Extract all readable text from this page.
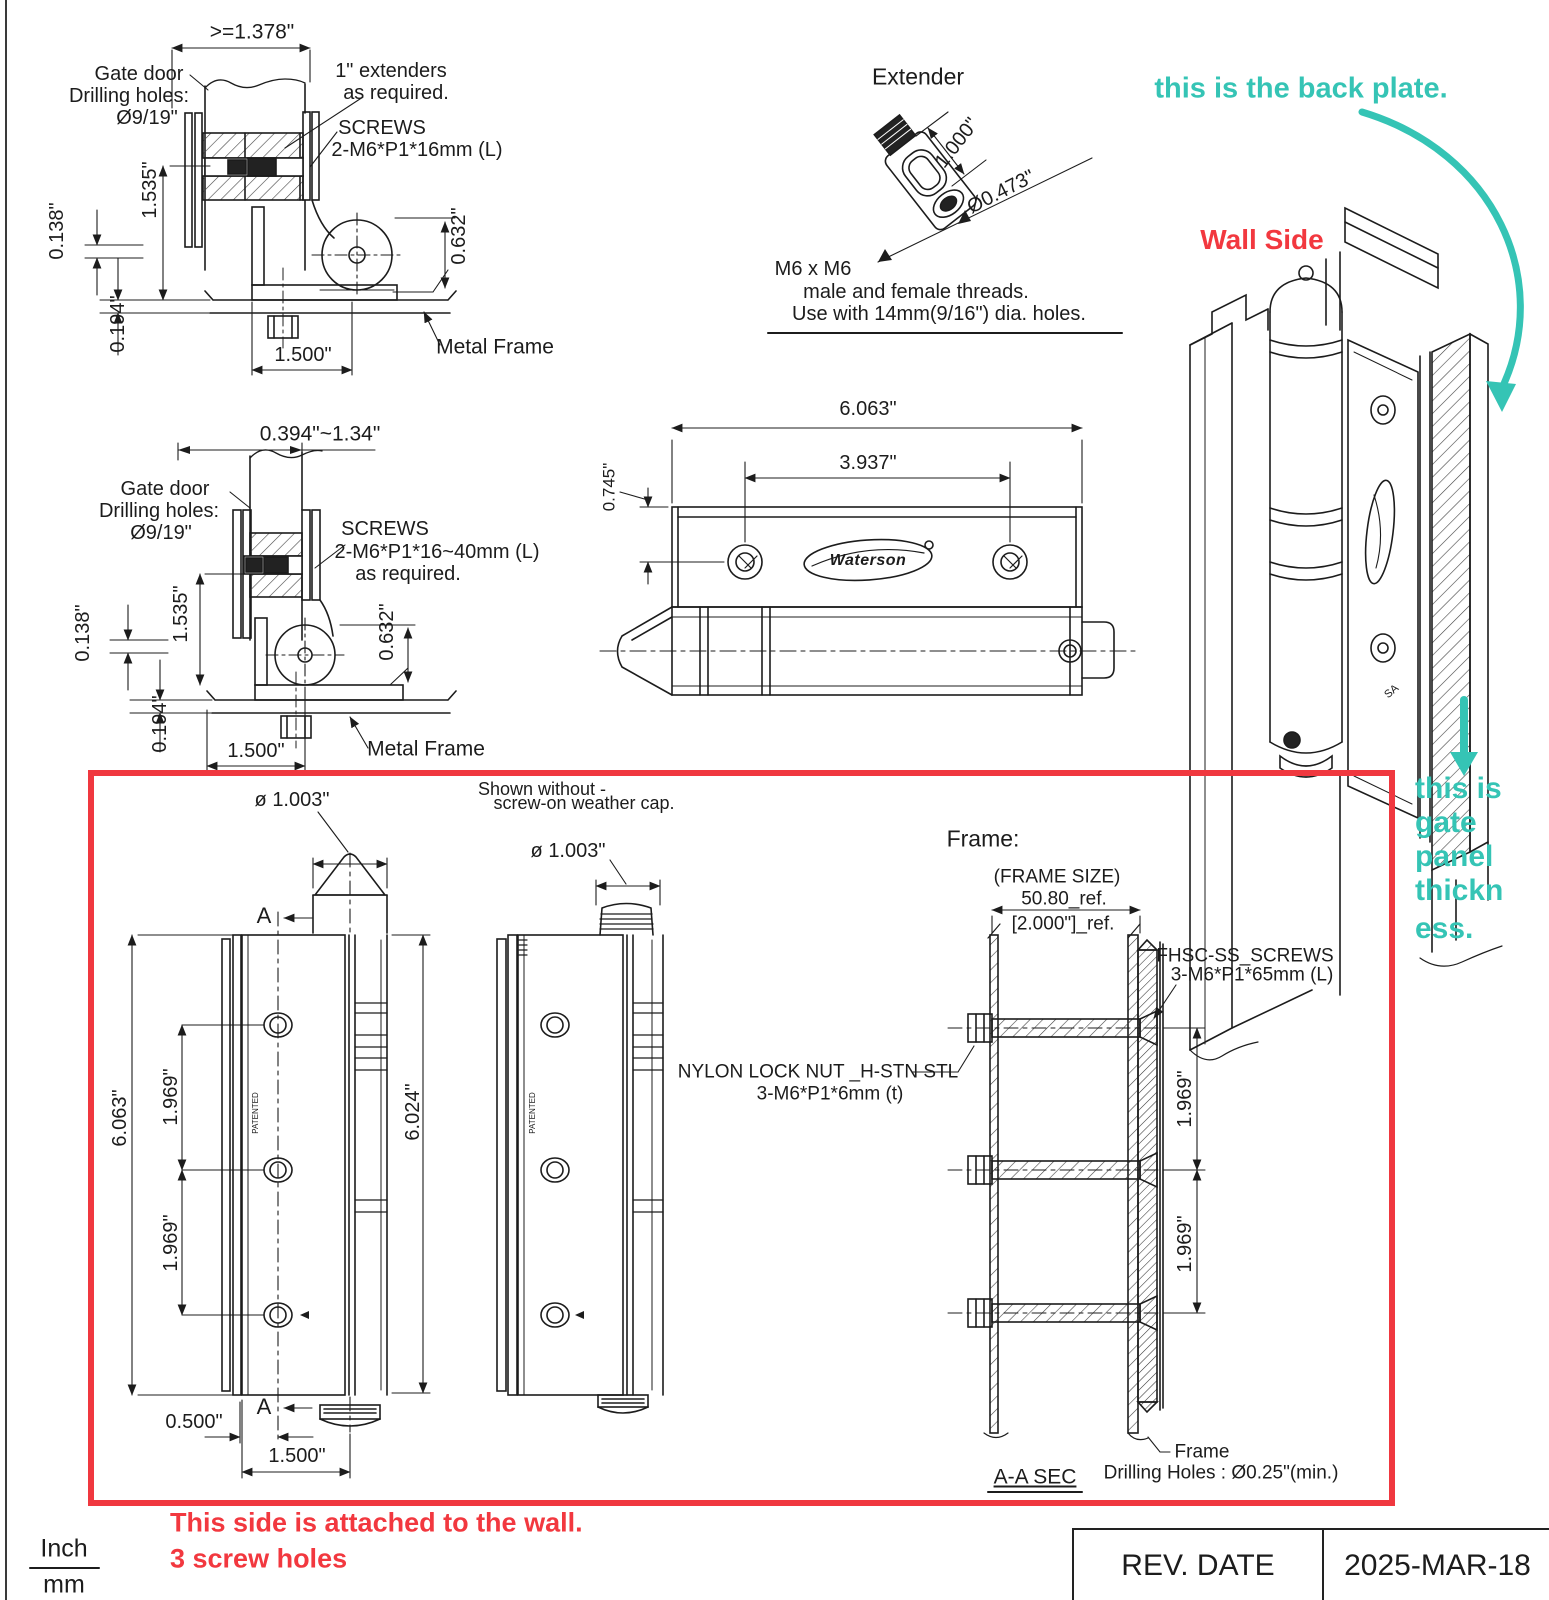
>=1.378"
Gate door
Drilling holes:
Ø9/19"
1" extenders
as required.
SCREWS
2-M6*P1*16mm (L)
1.535"
0.138"
0.194"
0.632"
1.500"	Metal Frame
0.394"~1.34"
Gate door
Drilling holes:
Ø9/19"	SCREWS
2-M6*P1*16~40mm (L)
as required.
1.535"
0.138"
0.194"
0.632"
1.500"	Metal Frame
Extender
1.000"
Ø0.473"
M6 x M6
male and female threads.
Use with 14mm(9/16") dia. holes.
6.063"
3.937"
0.745"
Waterson
this is the back plate.
Wall Side
this is
gate
panel
thickn
ess.
SA
Shown without -
screw-on weather cap.
ø 1.003"
A
A
6.063" 1.969"
1.969"
6.024"
0.500"
1.500"
PATENTED
ø 1.003"
PATENTED
Frame:
(FRAME SIZE)
50.80_ref.
[2.000"]_ref.
FHSC-SS_SCREWS
3-M6*P1*65mm (L)
NYLON LOCK NUT _H-STN STL
3-M6*P1*6mm (t)	1.969"
1.969"
A-A SEC
Frame
Drilling Holes : Ø0.25"(min.)
This side is attached to the wall.
3 screw holes
Inch
mm
REV. DATE	2025-MAR-18
